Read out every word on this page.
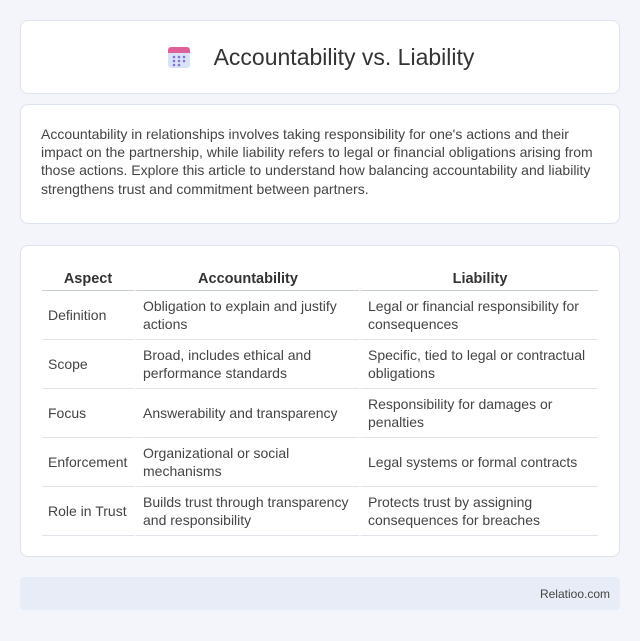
Accountability vs. Liability

Accountability in relationships involves taking responsibility for one's actions and their impact on the partnership, while liability refers to legal or financial obligations arising from those actions. Explore this article to understand how balancing accountability and liability strengthens trust and commitment between partners.

Aspect	Accountability	Liability
Definition	Obligation to explain and justify actions	Legal or financial responsibility for consequences
Scope	Broad, includes ethical and performance standards	Specific, tied to legal or contractual obligations
Focus	Answerability and transparency	Responsibility for damages or penalties
Enforcement	Organizational or social mechanisms	Legal systems or formal contracts
Role in Trust	Builds trust through transparency and responsibility	Protects trust by assigning consequences for breaches
Relatioo.com
